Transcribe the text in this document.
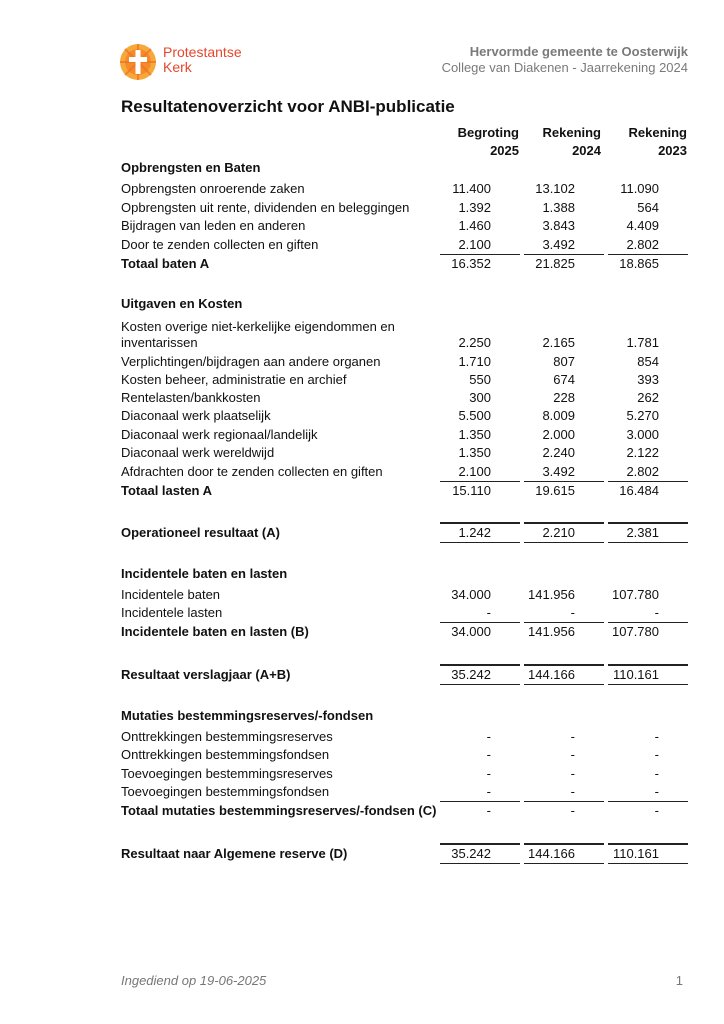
Protestantse
Kerk
Hervormde gemeente te Oosterwijk
College van Diakenen - Jaarrekening 2024
Resultatenoverzicht voor ANBI-publicatie
Begroting
2025
Rekening
2024
Rekening
2023
Opbrengsten en Baten
Opbrengsten onroerende zaken	11.400	13.102	11.090
Opbrengsten uit rente, dividenden en beleggingen	1.392	1.388	564
Bijdragen van leden en anderen	1.460	3.843	4.409
Door te zenden collecten en giften	2.100	3.492	2.802
Totaal baten A	16.352	21.825	18.865
Uitgaven en Kosten
Kosten overige niet-kerkelijke eigendommen en
inventarissen	2.250	2.165	1.781
Verplichtingen/bijdragen aan andere organen	1.710	807	854
Kosten beheer, administratie en archief	550	674	393
Rentelasten/bankkosten	300	228	262
Diaconaal werk plaatselijk	5.500	8.009	5.270
Diaconaal werk regionaal/landelijk	1.350	2.000	3.000
Diaconaal werk wereldwijd	1.350	2.240	2.122
Afdrachten door te zenden collecten en giften	2.100	3.492	2.802
Totaal lasten A	15.110	19.615	16.484
Operationeel resultaat (A)	1.242	2.210	2.381
Incidentele baten en lasten
Incidentele baten	34.000	141.956	107.780
Incidentele lasten	-	-	-
Incidentele baten en lasten (B)	34.000	141.956	107.780
Resultaat verslagjaar (A+B)	35.242	144.166	110.161
Mutaties bestemmingsreserves/-fondsen
Onttrekkingen bestemmingsreserves	-	-	-
Onttrekkingen bestemmingsfondsen	-	-	-
Toevoegingen bestemmingsreserves	-	-	-
Toevoegingen bestemmingsfondsen	-	-	-
Totaal mutaties bestemmingsreserves/-fondsen (C)	-	-	-
Resultaat naar Algemene reserve (D)	35.242	144.166	110.161
Ingediend op 19-06-2025	1
